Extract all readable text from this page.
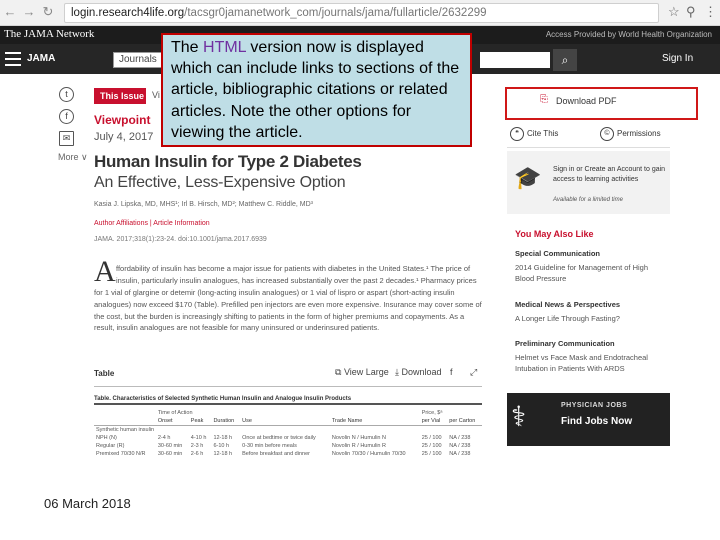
← → ↻	login.research4life.org/tacsgr0jamanetwork_com/journals/jama/fullarticle/2632299	☆ ⚲ ⋮
The JAMA Network	Access Provided by World Health Organization
JAMA	Journals	⌕	Sign In
t
f
✉
More ∨
This Issue Vi
Viewpoint
July 4, 2017
Human Insulin for Type 2 Diabetes
An Effective, Less-Expensive Option
Kasia J. Lipska, MD, MHS¹; Irl B. Hirsch, MD²; Matthew C. Riddle, MD³
Author Affiliations | Article Information
JAMA. 2017;318(1):23-24. doi:10.1001/jama.2017.6939
A ffordability of insulin has become a major issue for patients with diabetes in the United States.¹ The price of insulin, particularly insulin analogues, has increased substantially over the past 2 decades.¹ Pharmacy prices
for 1 vial of glargine or detemir (long-acting insulin analogues) or 1 vial of lispro or aspart (short-acting insulin analogues) now exceed $170 (Table). Prefilled pen injectors are even more expensive. Insurance may cover some of the cost, but the burden is increasingly shifting to patients in the form of higher premiums and copayments. As a result, insulin analogues are not feasible for many uninsured or underinsured patients.
Table	⧉ View Large ⤓ Download f ⤢
Table. Characteristics of Selected Synthetic Human Insulin and Analogue Insulin Products
	Time of Action					Price, $ᵃ	
	Onset	Peak	Duration	Use	Trade Name	per Vial	per Carton
Synthetic human insulin							
NPH (N)	2-4 h	4-10 h	12-18 h	Once at bedtime or twice daily	Novolin N / Humulin N	25 / 100	NA / 238
Regular (R)	30-60 min	2-3 h	6-10 h	0-30 min before meals	Novolin R / Humulin R	25 / 100	NA / 238
Premixed 70/30 N/R	30-60 min	2-6 h	12-18 h	Before breakfast and dinner	Novolin 70/30 / Humulin 70/30	25 / 100	NA / 238
⎘ Download PDF
❝	Cite This	© Permissions
🎓 Sign in or Create an Account to gain access to learning activities
Available for a limited time
You May Also Like
Special Communication
2014 Guideline for Management of High Blood Pressure
Medical News & Perspectives
A Longer Life Through Fasting?
Preliminary Communication
Helmet vs Face Mask and Endotracheal Intubation in Patients With ARDS
⚕	PHYSICIAN JOBS
Find Jobs Now
The HTML version now is displayed which can include links to sections of the article, bibliographic citations or related articles. Note the other options for viewing the article.
06 March 2018
